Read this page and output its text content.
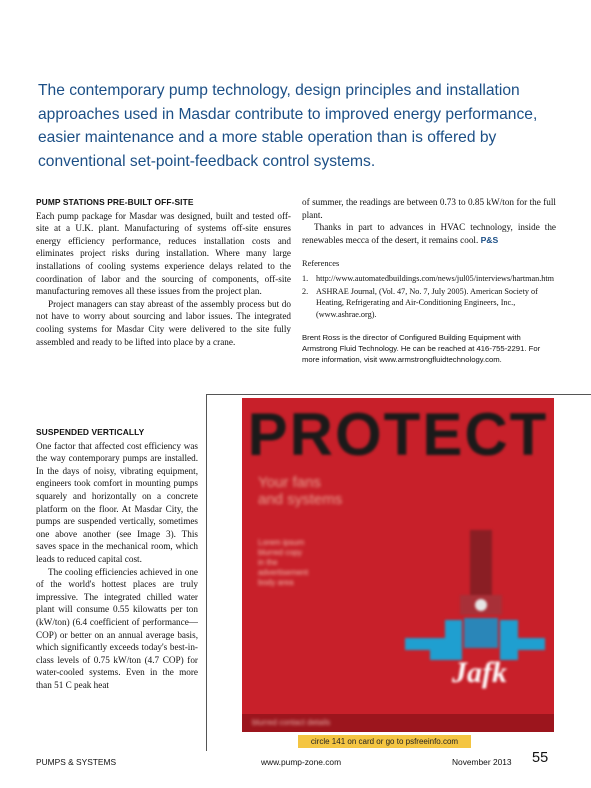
The contemporary pump technology, design principles and installation approaches used in Masdar contribute to improved energy performance, easier maintenance and a more stable operation than is offered by conventional set-point-feedback control systems.

PUMP STATIONS PRE-BUILT OFF-SITE

Each pump package for Masdar was designed, built and tested off-site at a U.K. plant. Manufacturing of systems off-site ensures energy efficiency performance, reduces installation costs and eliminates project risks during installation. Where many large installations of cooling systems experience delays related to the coordination of labor and the sourcing of components, off-site manufacturing removes all these issues from the project plan.

Project managers can stay abreast of the assembly process but do not have to worry about sourcing and labor issues. The integrated cooling systems for Masdar City were delivered to the site fully assembled and ready to be lifted into place by a crane.

SUSPENDED VERTICALLY

One factor that affected cost efficiency was the way contemporary pumps are installed. In the days of noisy, vibrating equipment, engineers took comfort in mounting pumps squarely and horizontally on a concrete platform on the floor. At Masdar City, the pumps are suspended vertically, sometimes one above another (see Image 3). This saves space in the mechanical room, which leads to reduced capital cost.

The cooling efficiencies achieved in one of the world's hottest places are truly impressive. The integrated chilled water plant will consume 0.55 kilowatts per ton (kW/ton) (6.4 coefficient of performance— COP) or better on an annual average basis, which significantly exceeds today's best-in-class levels of 0.75 kW/ton (4.7 COP) for water-cooled systems. Even in the more than 51 C peak heat

of summer, the readings are between 0.73 to 0.85 kW/ton for the full plant.

Thanks in part to advances in HVAC technology, inside the renewables mecca of the desert, it remains cool. P&S

References
1. http://www.automatedbuildings.com/news/jul05/interviews/hartman.htm
2. ASHRAE Journal, (Vol. 47, No. 7, July 2005). American Society of Heating, Refrigerating and Air-Conditioning Engineers, Inc., (www.ashrae.org).
Brent Ross is the director of Configured Building Equipment with Armstrong Fluid Technology. He can be reached at 416-755-2291. For more information, visit www.armstrongfluidtechnology.com.
PROTECT
Your fans
and systems
Lorem ipsum
blurred copy
in the
advertisement
body area
Jafk
blurred contact details
circle 141 on card or go to psfreeinfo.com
PUMPS & SYSTEMS	www.pump-zone.com	November 2013 55
